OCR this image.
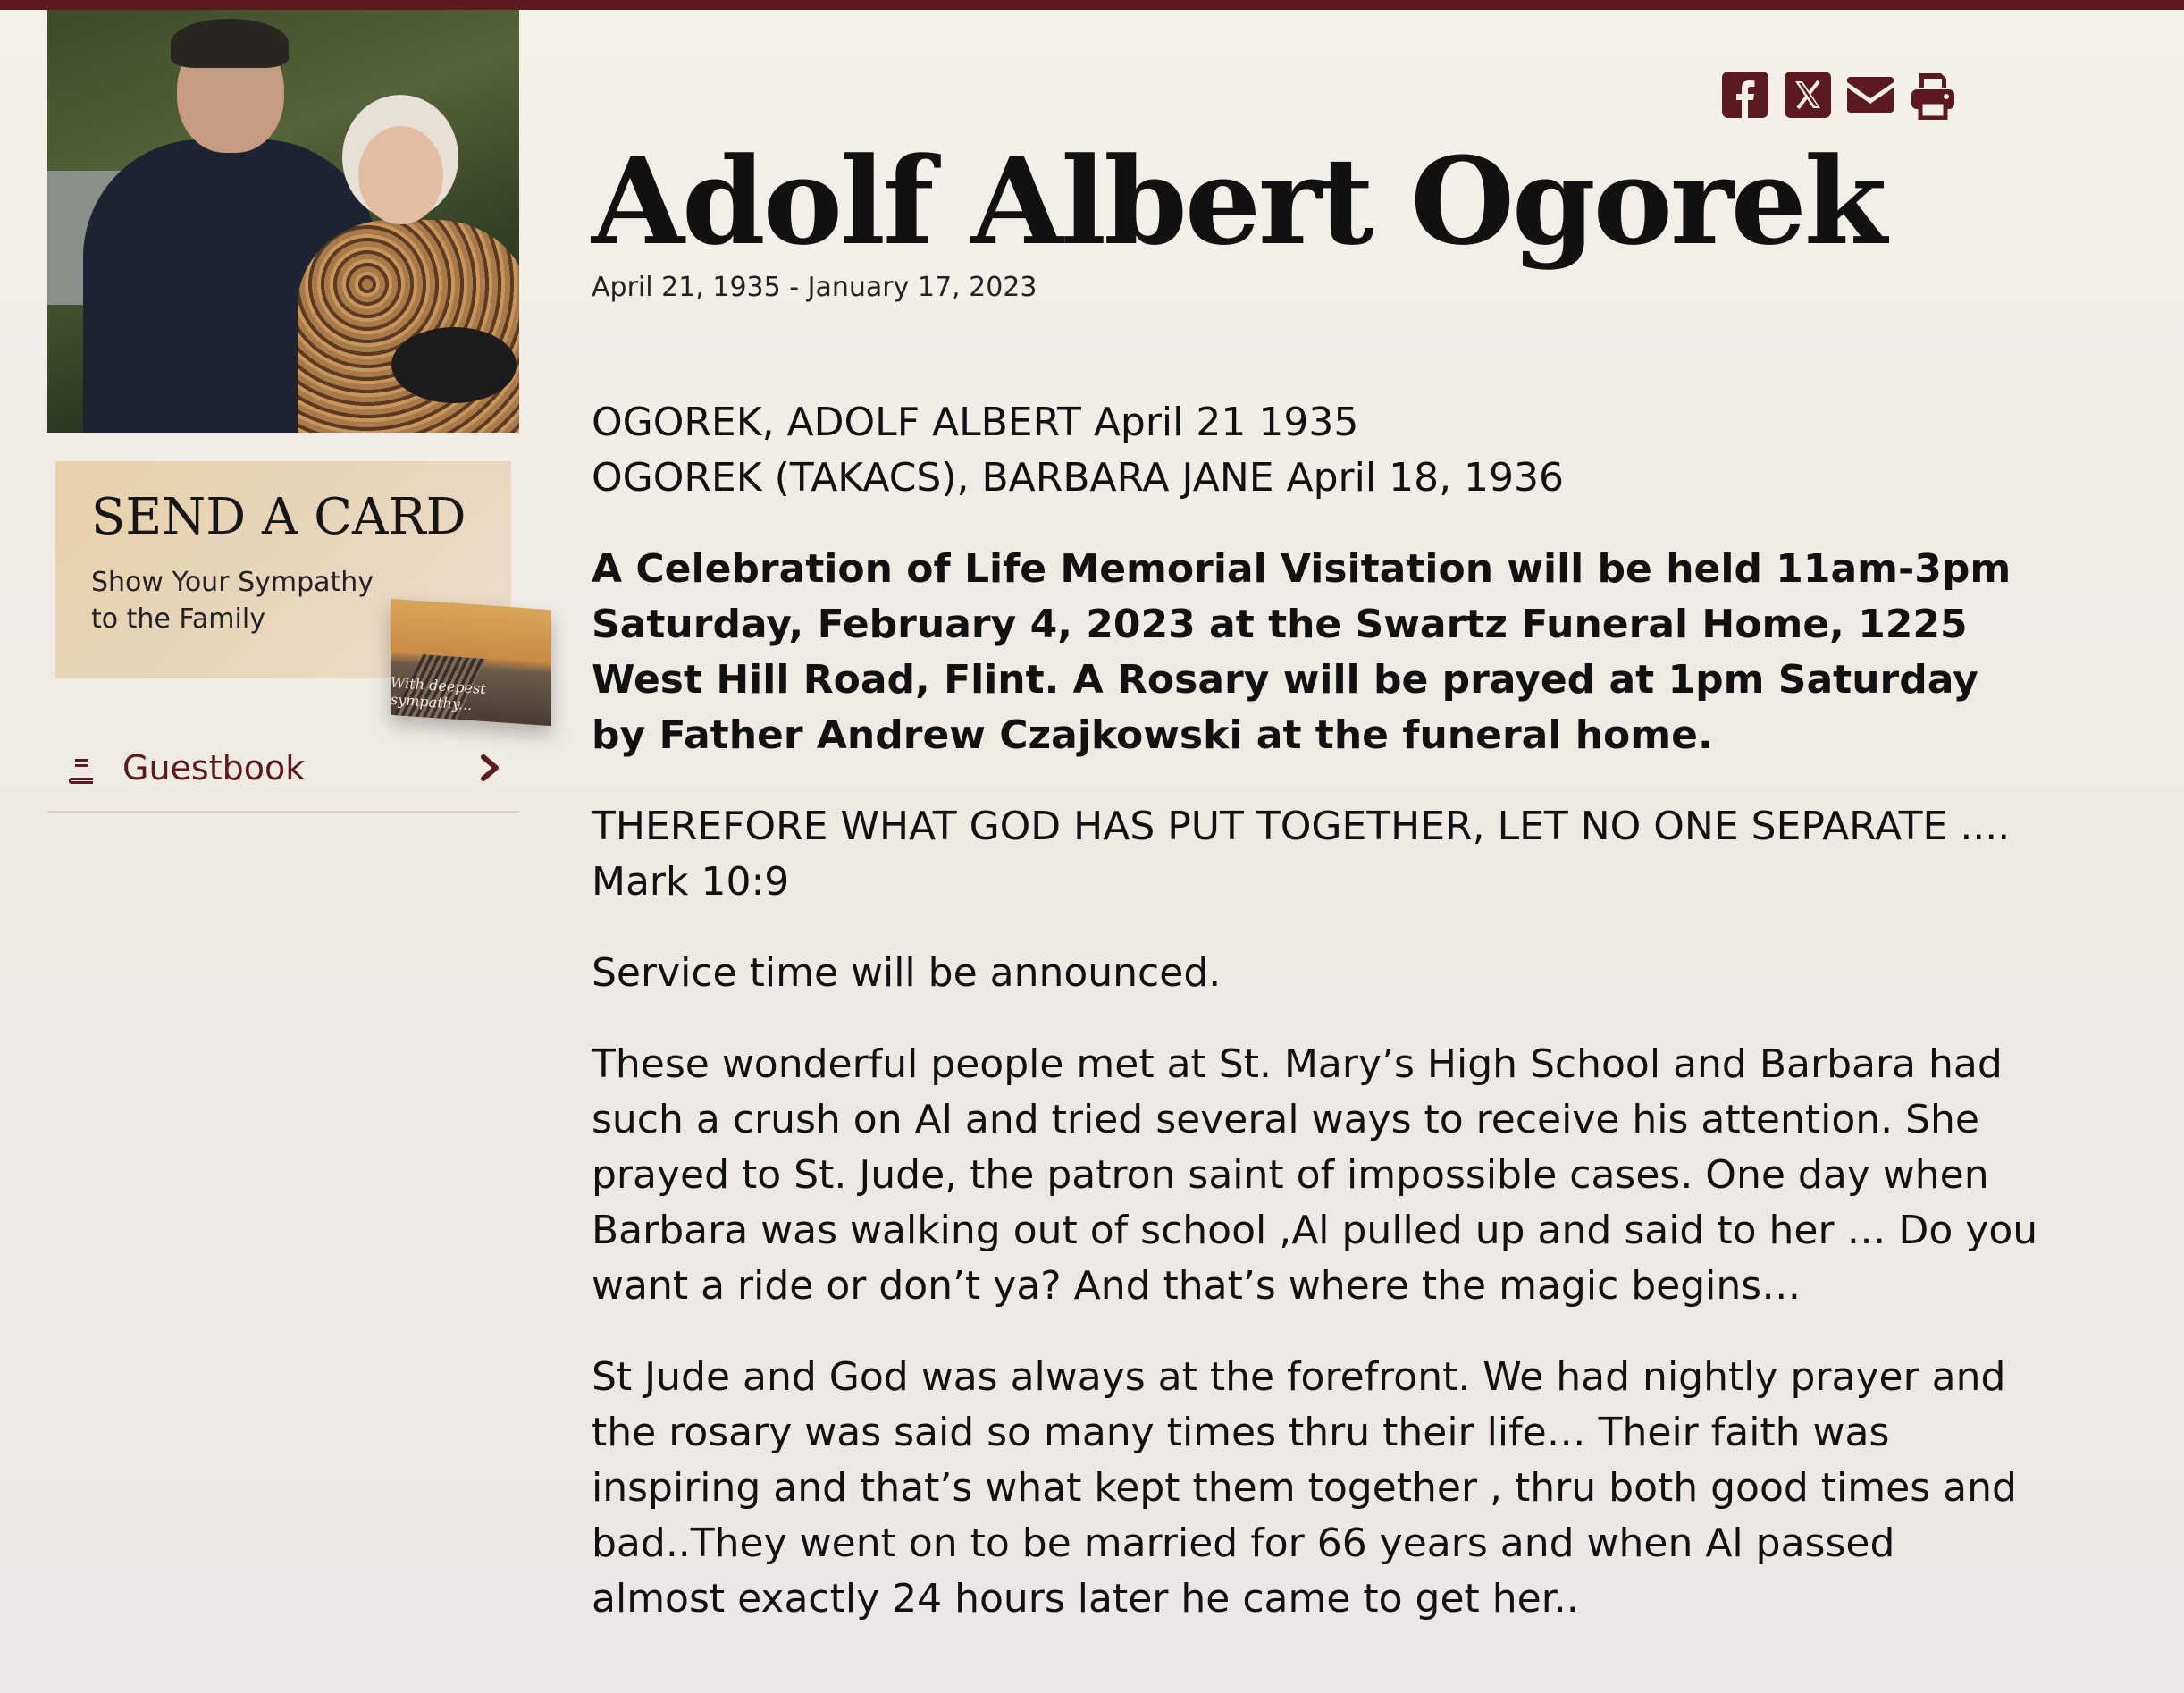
SEND A CARD
Show Your Sympathy to the Family
With deepest sympathy...
Guestbook
Adolf Albert Ogorek
April 21, 1935 - January 17, 2023

OGOREK, ADOLF ALBERT April 21 1935
OGOREK (TAKACS), BARBARA JANE April 18, 1936

A Celebration of Life Memorial Visitation will be held 11am-3pm Saturday, February 4, 2023 at the Swartz Funeral Home, 1225 West Hill Road, Flint. A Rosary will be prayed at 1pm Saturday by Father Andrew Czajkowski at the funeral home.

THEREFORE WHAT GOD HAS PUT TOGETHER, LET NO ONE SEPARATE ....
Mark 10:9

Service time will be announced.

These wonderful people met at St. Mary’s High School and Barbara had such a crush on Al and tried several ways to receive his attention. She prayed to St. Jude, the patron saint of impossible cases. One day when Barbara was walking out of school ,Al pulled up and said to her … Do you want a ride or don’t ya? And that’s where the magic begins…

St Jude and God was always at the forefront. We had nightly prayer and the rosary was said so many times thru their life… Their faith was inspiring and that’s what kept them together , thru both good times and bad..They went on to be married for 66 years and when Al passed almost exactly 24 hours later he came to get her..
